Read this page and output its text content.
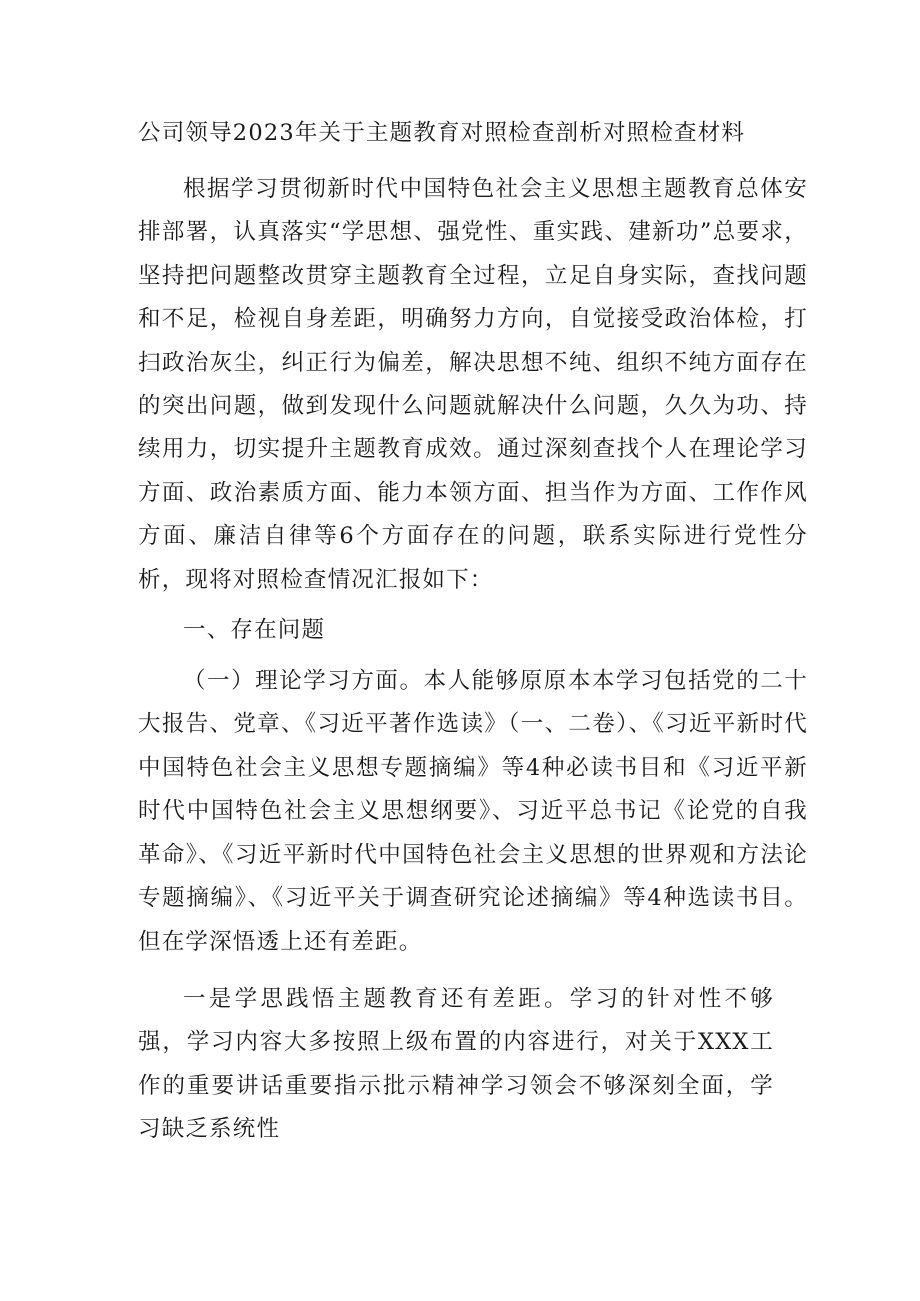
公司领导2023年关于主题教育对照检查剖析对照检查材料

根据学习贯彻新时代中国特色社会主义思想主题教育总体安排部署，认真落实“学思想、强党性、重实践、建新功”总要求，坚持把问题整改贯穿主题教育全过程，立足自身实际，查找问题和不足，检视自身差距，明确努力方向，自觉接受政治体检，打扫政治灰尘，纠正行为偏差，解决思想不纯、组织不纯方面存在的突出问题，做到发现什么问题就解决什么问题，久久为功、持续用力，切实提升主题教育成效。通过深刻查找个人在理论学习方面、政治素质方面、能力本领方面、担当作为方面、工作作风方面、廉洁自律等6个方面存在的问题，联系实际进行党性分析，现将对照检查情况汇报如下：

一、存在问题

（一）理论学习方面。本人能够原原本本学习包括党的二十大报告、党章、《习近平著作选读》（一、二卷）、《习近平新时代中国特色社会主义思想专题摘编》等4种必读书目和《习近平新时代中国特色社会主义思想纲要》、习近平总书记《论党的自我革命》、《习近平新时代中国特色社会主义思想的世界观和方法论专题摘编》、《习近平关于调查研究论述摘编》等4种选读书目。但在学深悟透上还有差距。

一是学思践悟主题教育还有差距。学习的针对性不够强，学习内容大多按照上级布置的内容进行，对关于XXX工作的重要讲话重要指示批示精神学习领会不够深刻全面，学习缺乏系统性
